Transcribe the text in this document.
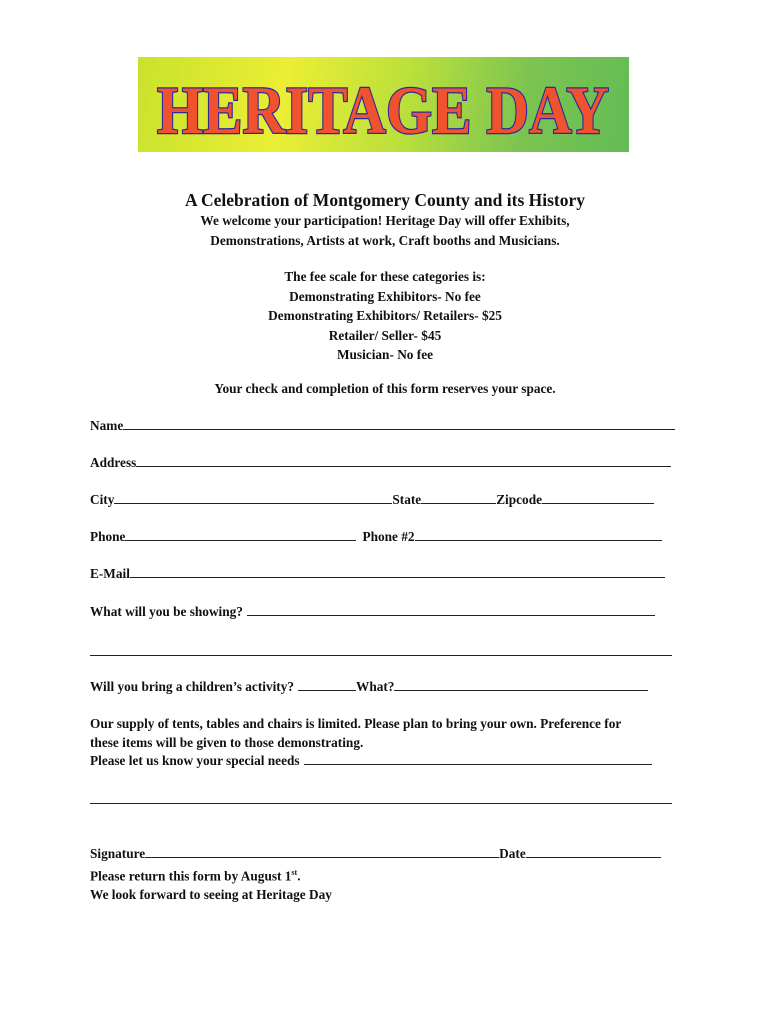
HERITAGE DAY
A Celebration of Montgomery County and its History
We welcome your participation! Heritage Day will offer Exhibits,
Demonstrations, Artists at work, Craft booths and Musicians.
The fee scale for these categories is:
Demonstrating Exhibitors- No fee
Demonstrating Exhibitors/ Retailers- $25
Retailer/ Seller- $45
Musician- No fee
Your check and completion of this form reserves your space.
Name
Address
City	State	Zipcode
Phone	Phone #2
E-Mail
What will you be showing?
Will you bring a children’s activity?	What?
Our supply of tents, tables and chairs is limited. Please plan to bring your own. Preference for
these items will be given to those demonstrating.
Please let us know your special needs
Signature	Date
Please return this form by August 1st.
We look forward to seeing at Heritage Day
